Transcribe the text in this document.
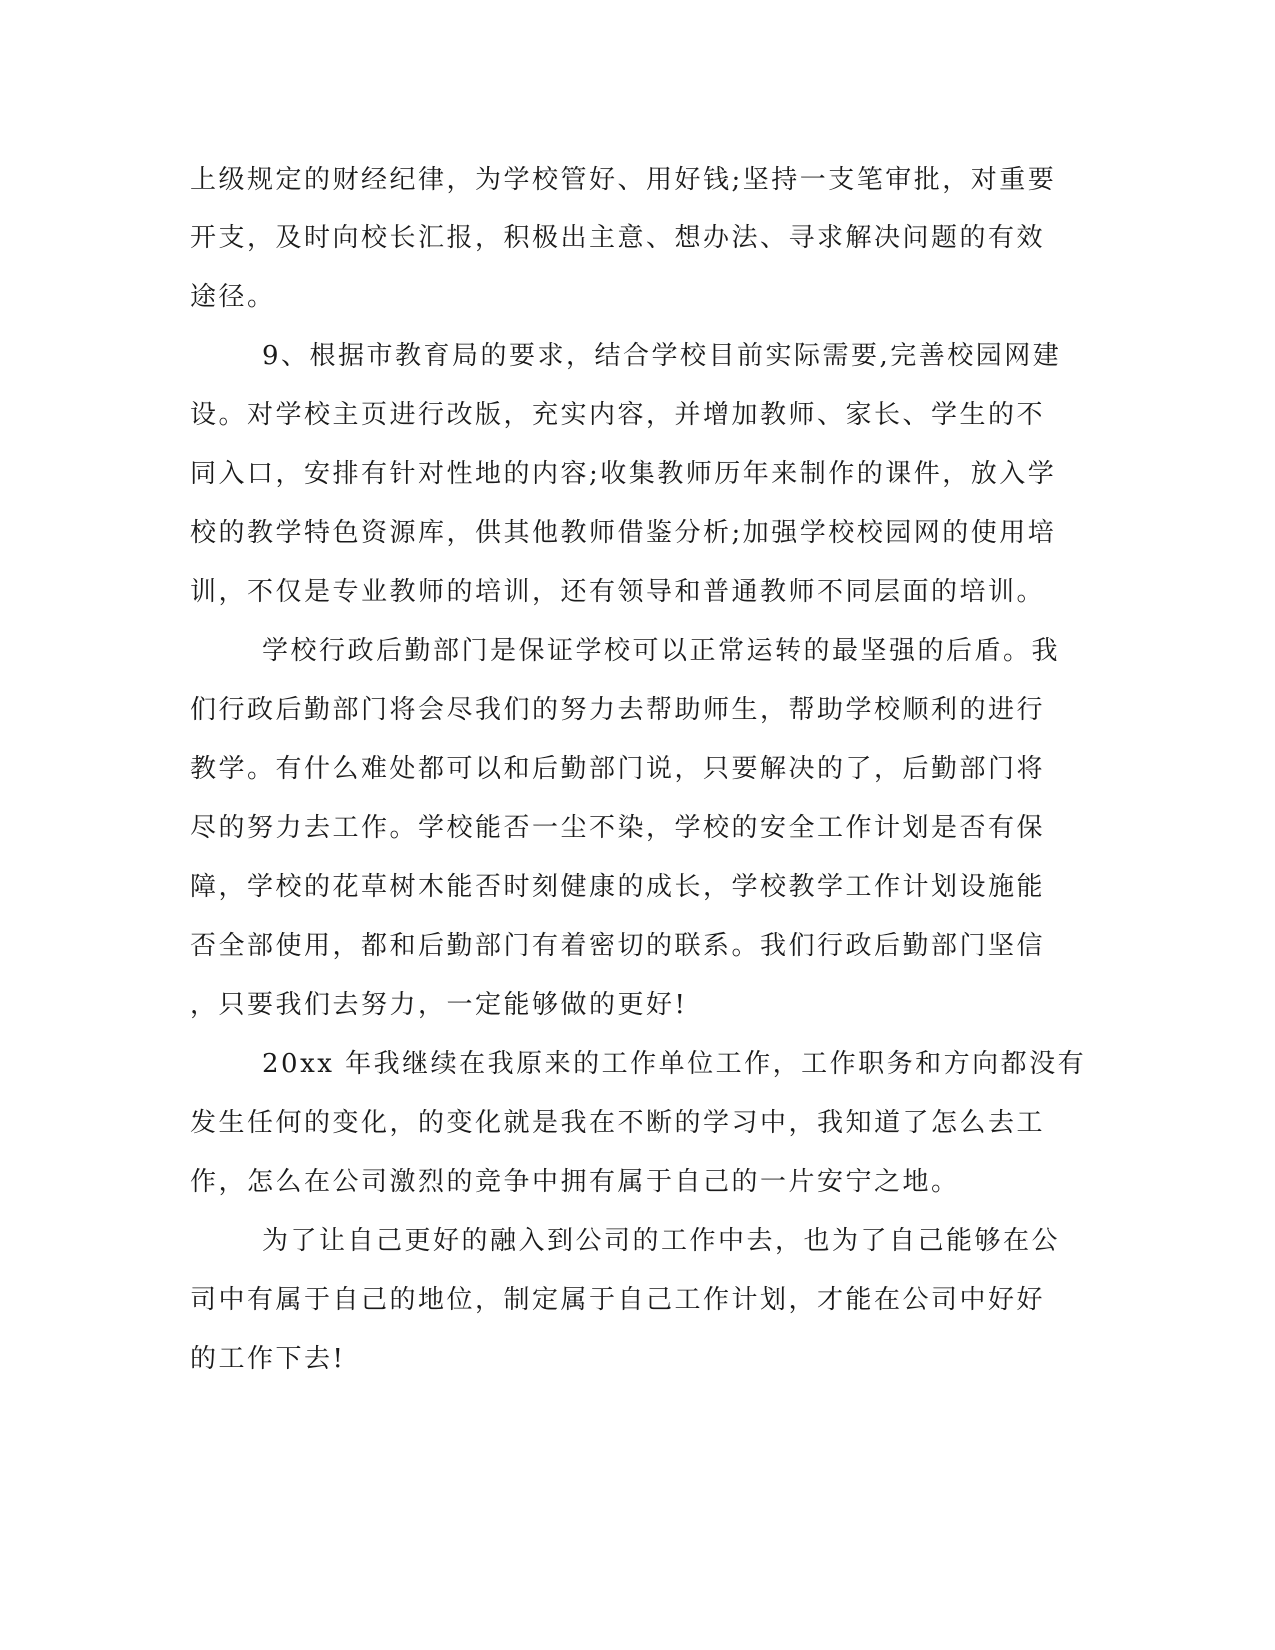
上级规定的财经纪律，为学校管好、用好钱;坚持一支笔审批，对重要
开支，及时向校长汇报，积极出主意、想办法、寻求解决问题的有效
途径。
9、根据市教育局的要求，结合学校目前实际需要,完善校园网建
设。对学校主页进行改版，充实内容，并增加教师、家长、学生的不
同入口，安排有针对性地的内容;收集教师历年来制作的课件，放入学
校的教学特色资源库，供其他教师借鉴分析;加强学校校园网的使用培
训，不仅是专业教师的培训，还有领导和普通教师不同层面的培训。
学校行政后勤部门是保证学校可以正常运转的最坚强的后盾。我
们行政后勤部门将会尽我们的努力去帮助师生，帮助学校顺利的进行
教学。有什么难处都可以和后勤部门说，只要解决的了，后勤部门将
尽的努力去工作。学校能否一尘不染，学校的安全工作计划是否有保
障，学校的花草树木能否时刻健康的成长，学校教学工作计划设施能
否全部使用，都和后勤部门有着密切的联系。我们行政后勤部门坚信
，只要我们去努力，一定能够做的更好!
20xx 年我继续在我原来的工作单位工作，工作职务和方向都没有
发生任何的变化，的变化就是我在不断的学习中，我知道了怎么去工
作，怎么在公司激烈的竞争中拥有属于自己的一片安宁之地。
为了让自己更好的融入到公司的工作中去，也为了自己能够在公
司中有属于自己的地位，制定属于自己工作计划，才能在公司中好好
的工作下去!
